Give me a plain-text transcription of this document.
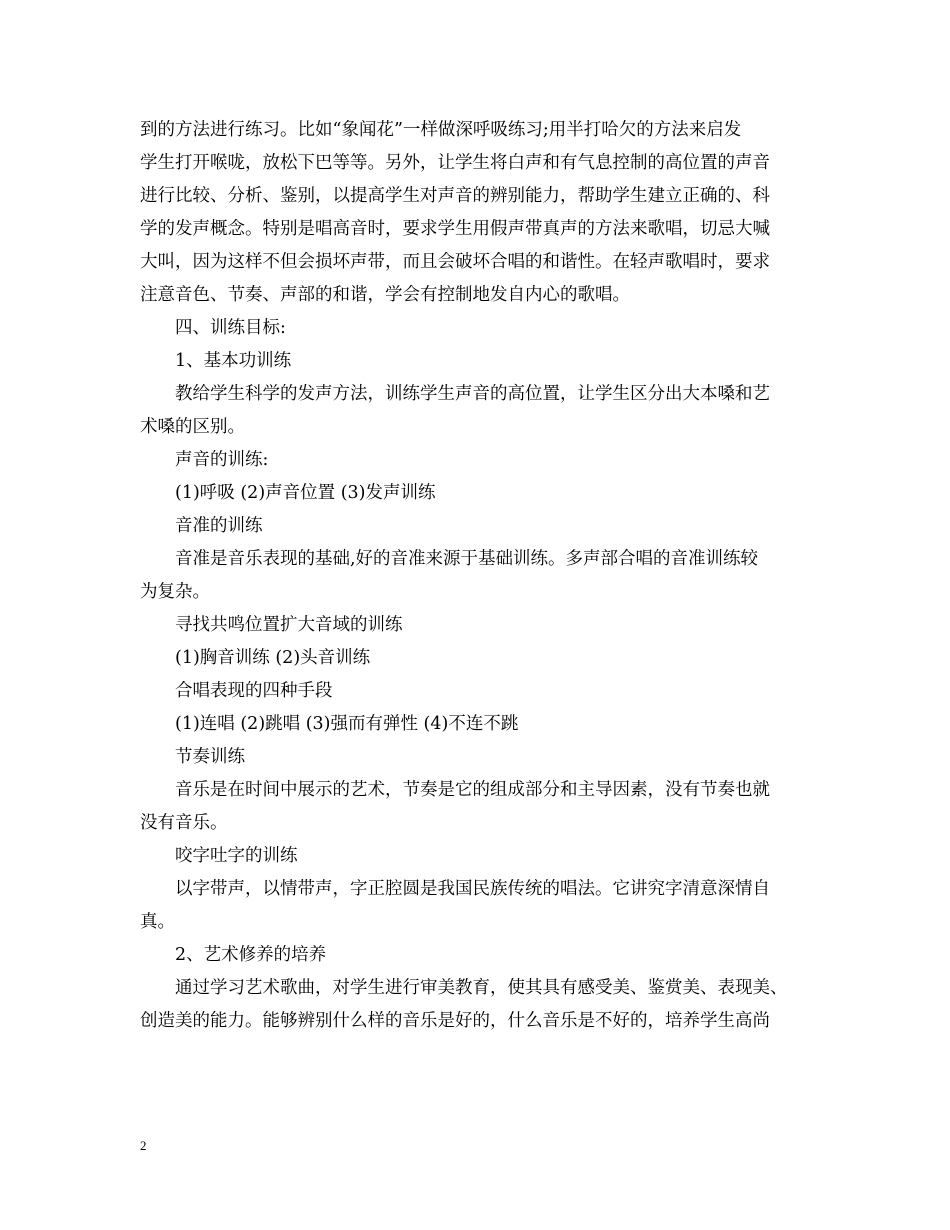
到的方法进行练习。比如“象闻花”一样做深呼吸练习;用半打哈欠的方法来启发

学生打开喉咙，放松下巴等等。另外，让学生将白声和有气息控制的高位置的声音

进行比较、分析、鉴别，以提高学生对声音的辨别能力，帮助学生建立正确的、科

学的发声概念。特别是唱高音时，要求学生用假声带真声的方法来歌唱，切忌大喊

大叫，因为这样不但会损坏声带，而且会破坏合唱的和谐性。在轻声歌唱时，要求

注意音色、节奏、声部的和谐，学会有控制地发自内心的歌唱。

四、训练目标:

1、基本功训练

教给学生科学的发声方法，训练学生声音的高位置，让学生区分出大本嗓和艺

术嗓的区别。

声音的训练:

(1)呼吸 (2)声音位置 (3)发声训练

音准的训练

音准是音乐表现的基础,好的音准来源于基础训练。多声部合唱的音准训练较

为复杂。

寻找共鸣位置扩大音域的训练

(1)胸音训练 (2)头音训练

合唱表现的四种手段

(1)连唱 (2)跳唱 (3)强而有弹性 (4)不连不跳

节奏训练

音乐是在时间中展示的艺术，节奏是它的组成部分和主导因素，没有节奏也就

没有音乐。

咬字吐字的训练

以字带声，以情带声，字正腔圆是我国民族传统的唱法。它讲究字清意深情自

真。

2、艺术修养的培养

通过学习艺术歌曲，对学生进行审美教育，使其具有感受美、鉴赏美、表现美、

创造美的能力。能够辨别什么样的音乐是好的，什么音乐是不好的，培养学生高尚

2
